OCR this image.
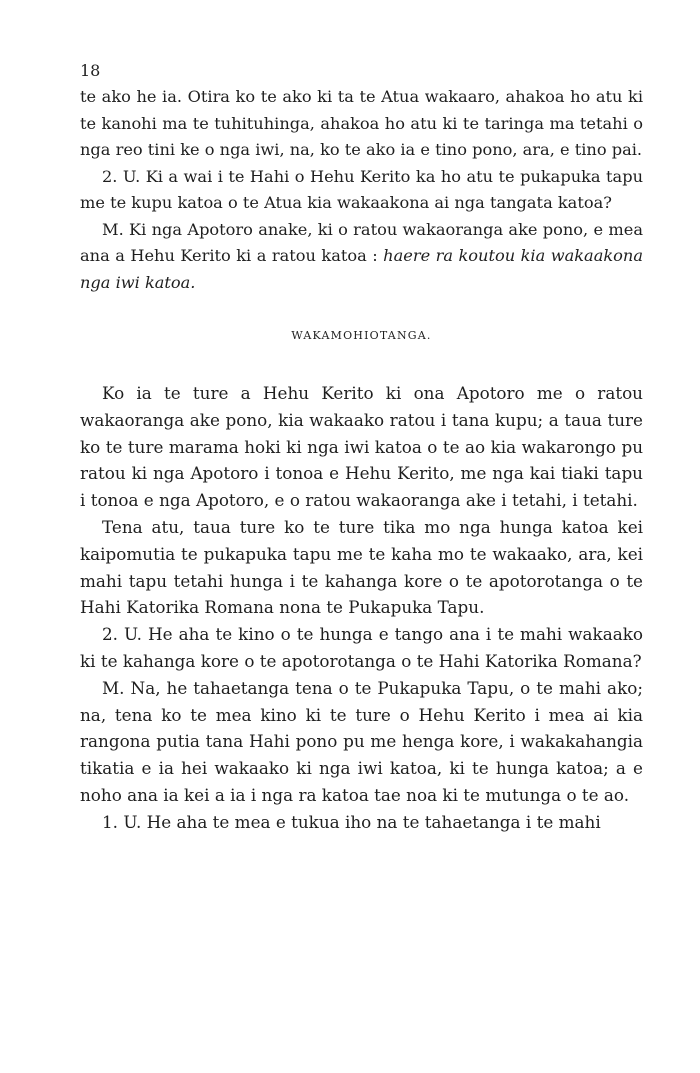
18

te ako he ia. Otira ko te ako ki ta te Atua wakaaro, ahakoa ho atu ki te kanohi ma te tuhituhinga, ahakoa ho atu ki te taringa ma tetahi o nga reo tini ke o nga iwi, na, ko te ako ia e tino pono, ara, e tino pai.

2. U. Ki a wai i te Hahi o Hehu Kerito ka ho atu te pukapuka tapu me te kupu katoa o te Atua kia wakaakona ai nga tangata katoa?

M. Ki nga Apotoro anake, ki o ratou wakaoranga ake pono, e mea ana a Hehu Kerito ki a ratou katoa : haere ra koutou kia wakaakona nga iwi katoa.

WAKAMOHIOTANGA.

Ko ia te ture a Hehu Kerito ki ona Apotoro me o ratou wakaoranga ake pono, kia wakaako ratou i tana kupu; a taua ture ko te ture marama hoki ki nga iwi katoa o te ao kia wakarongo pu ratou ki nga Apotoro i tonoa e Hehu Kerito, me nga kai tiaki tapu i tonoa e nga Apotoro, e o ratou wakaoranga ake i tetahi, i tetahi.

Tena atu, taua ture ko te ture tika mo nga hunga katoa kei kaipomutia te pukapuka tapu me te kaha mo te wakaako, ara, kei mahi tapu tetahi hunga i te kahanga kore o te apotorotanga o te Hahi Katorika Romana nona te Pukapuka Tapu.

2. U. He aha te kino o te hunga e tango ana i te mahi wakaako ki te kahanga kore o te apotorotanga o te Hahi Katorika Romana?

M. Na, he tahaetanga tena o te Pukapuka Tapu, o te mahi ako; na, tena ko te mea kino ki te ture o Hehu Kerito i mea ai kia rangona putia tana Hahi pono pu me henga kore, i wakakahangia tikatia e ia hei wakaako ki nga iwi katoa, ki te hunga katoa; a e noho ana ia kei a ia i nga ra katoa tae noa ki te mutunga o te ao.

1. U. He aha te mea e tukua iho na te tahaetanga i te mahi
